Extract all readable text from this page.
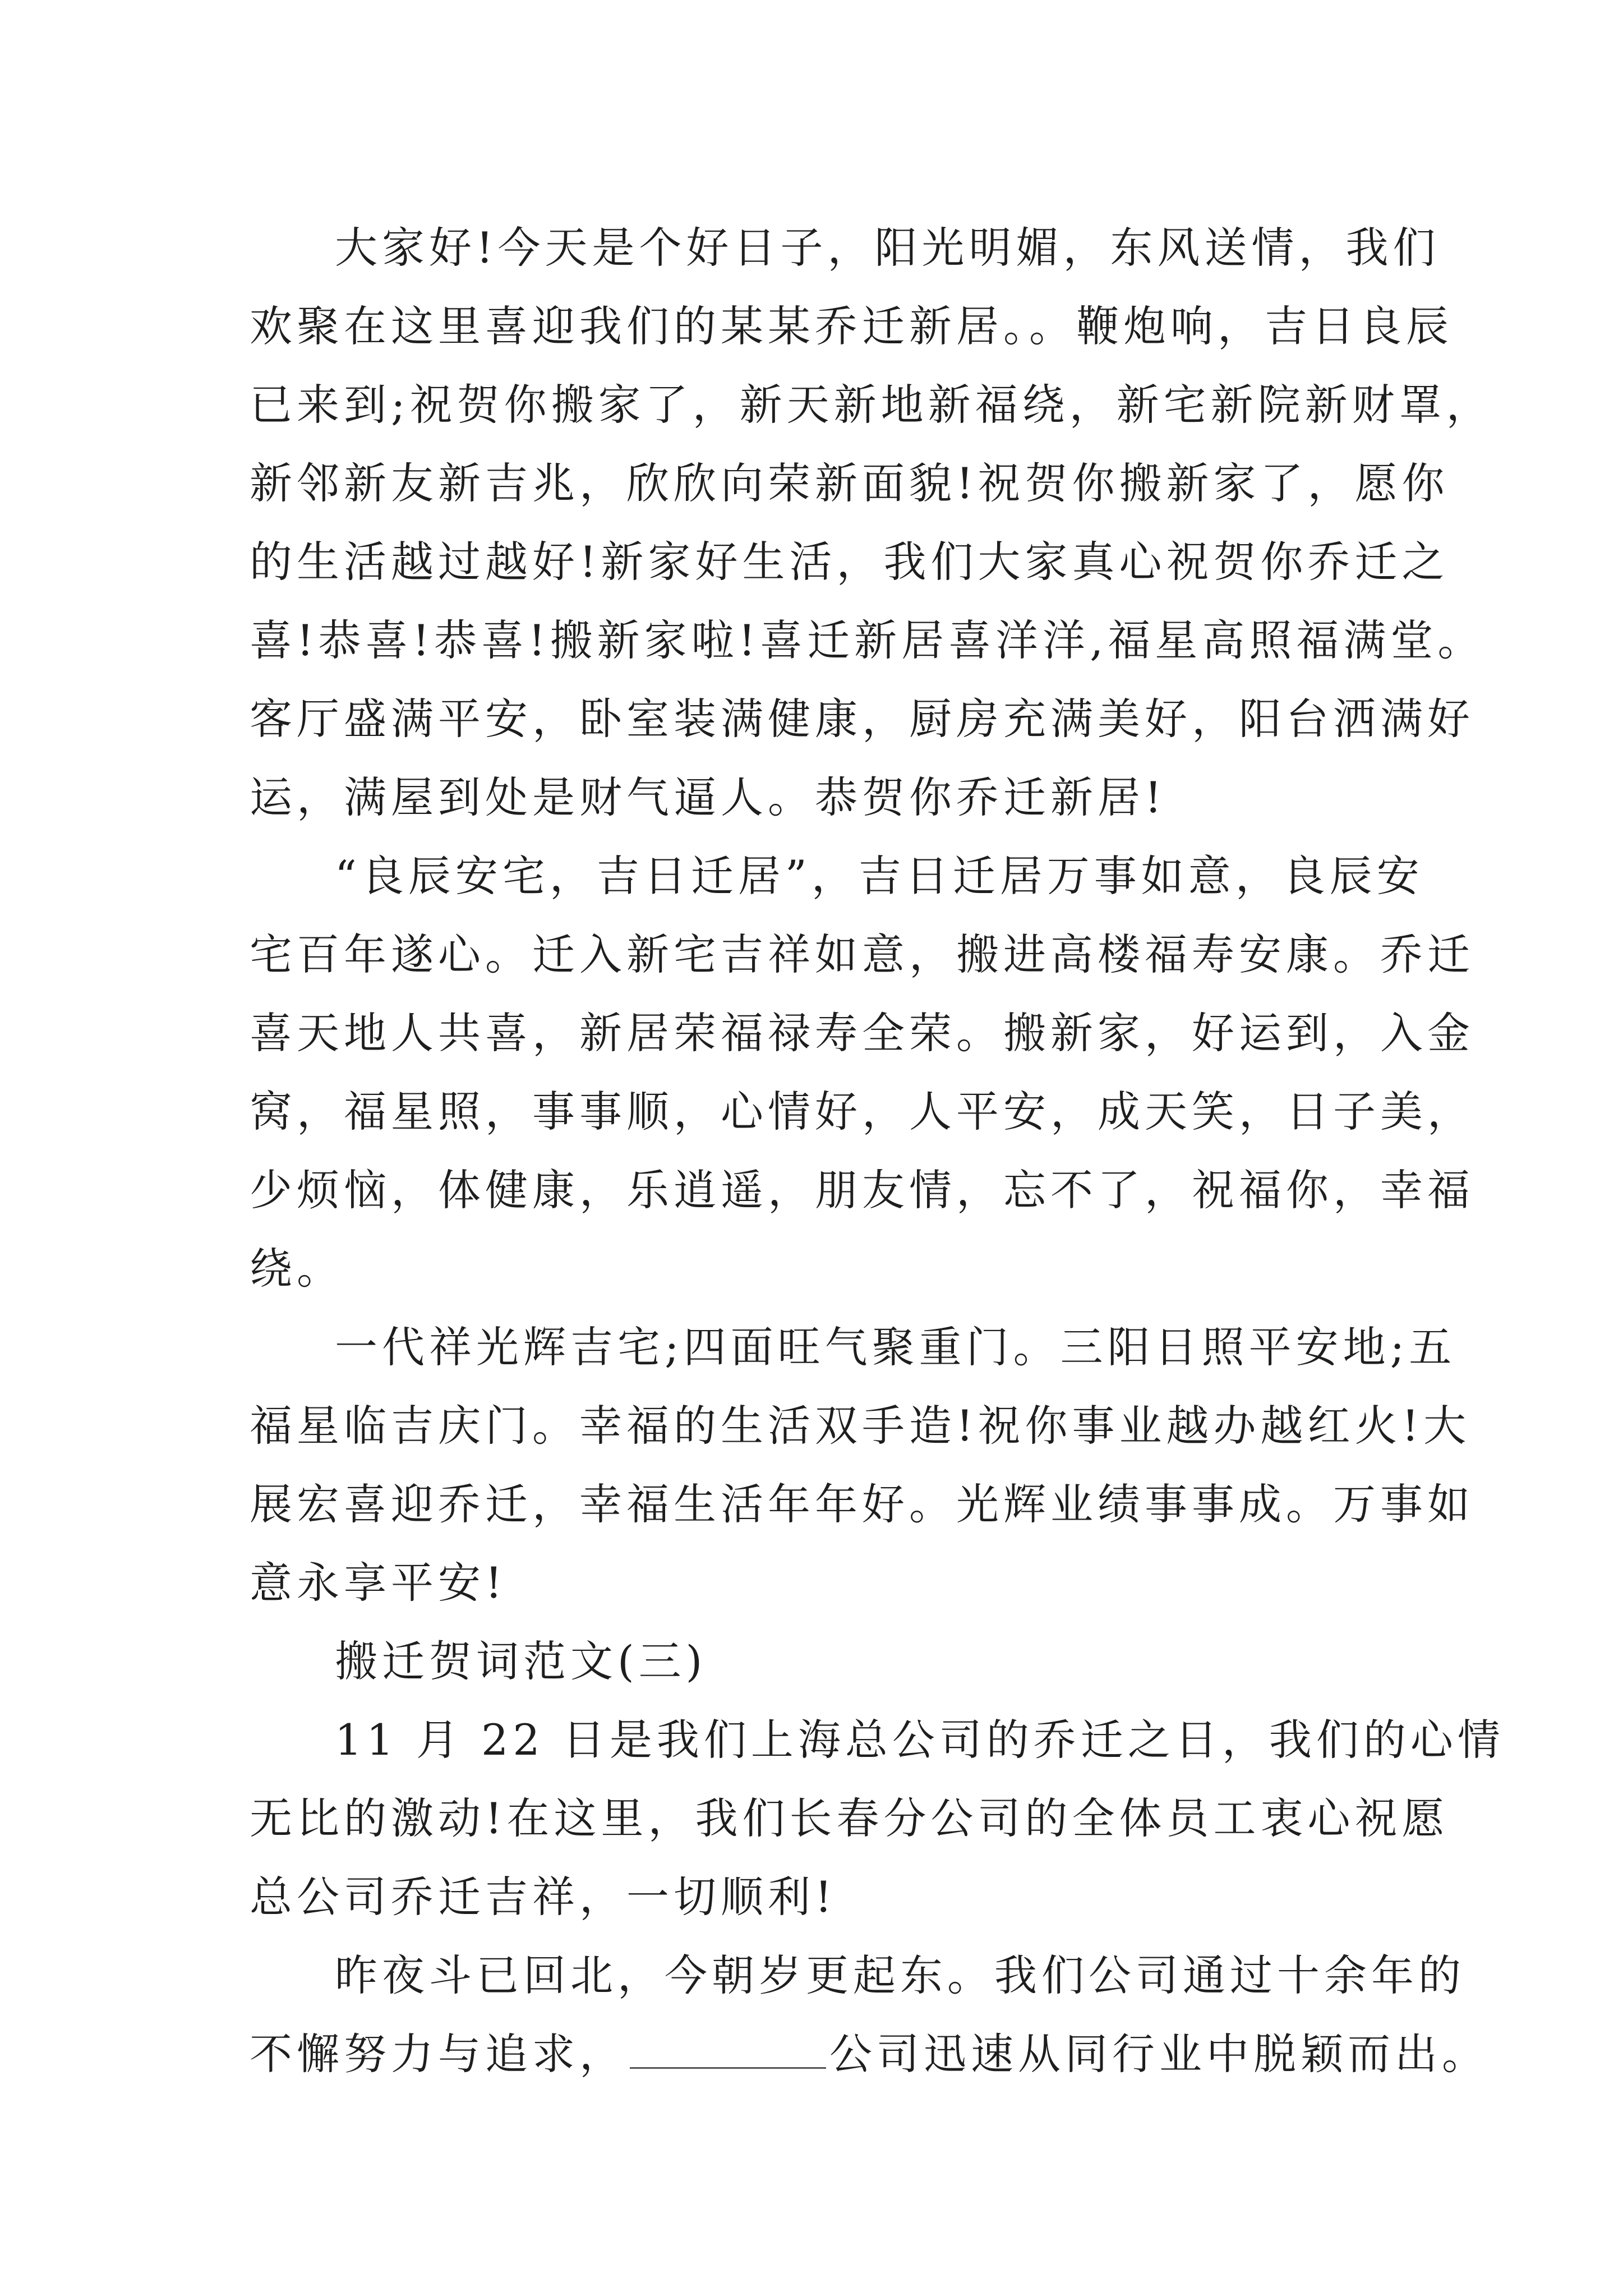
大家好!今天是个好日子，阳光明媚，东风送情，我们
欢聚在这里喜迎我们的某某乔迁新居。。鞭炮响，吉日良辰
已来到;祝贺你搬家了，新天新地新福绕，新宅新院新财罩，
新邻新友新吉兆，欣欣向荣新面貌!祝贺你搬新家了，愿你
的生活越过越好!新家好生活，我们大家真心祝贺你乔迁之
喜!恭喜!恭喜!搬新家啦!喜迁新居喜洋洋,福星高照福满堂。
客厅盛满平安，卧室装满健康，厨房充满美好，阳台洒满好
运，满屋到处是财气逼人。恭贺你乔迁新居!
“良辰安宅，吉日迁居”，吉日迁居万事如意，良辰安
宅百年遂心。迁入新宅吉祥如意，搬进高楼福寿安康。乔迁
喜天地人共喜，新居荣福禄寿全荣。搬新家，好运到，入金
窝，福星照，事事顺，心情好，人平安，成天笑，日子美，
少烦恼，体健康，乐逍遥，朋友情，忘不了，祝福你，幸福
绕。
一代祥光辉吉宅;四面旺气聚重门。三阳日照平安地;五
福星临吉庆门。幸福的生活双手造!祝你事业越办越红火!大
展宏喜迎乔迁，幸福生活年年好。光辉业绩事事成。万事如
意永享平安!
搬迁贺词范文(三)
11 月 22 日是我们上海总公司的乔迁之日，我们的心情
无比的激动!在这里，我们长春分公司的全体员工衷心祝愿
总公司乔迁吉祥，一切顺利!
昨夜斗已回北，今朝岁更起东。我们公司通过十余年的
不懈努力与追求，	公司迅速从同行业中脱颖而出。
